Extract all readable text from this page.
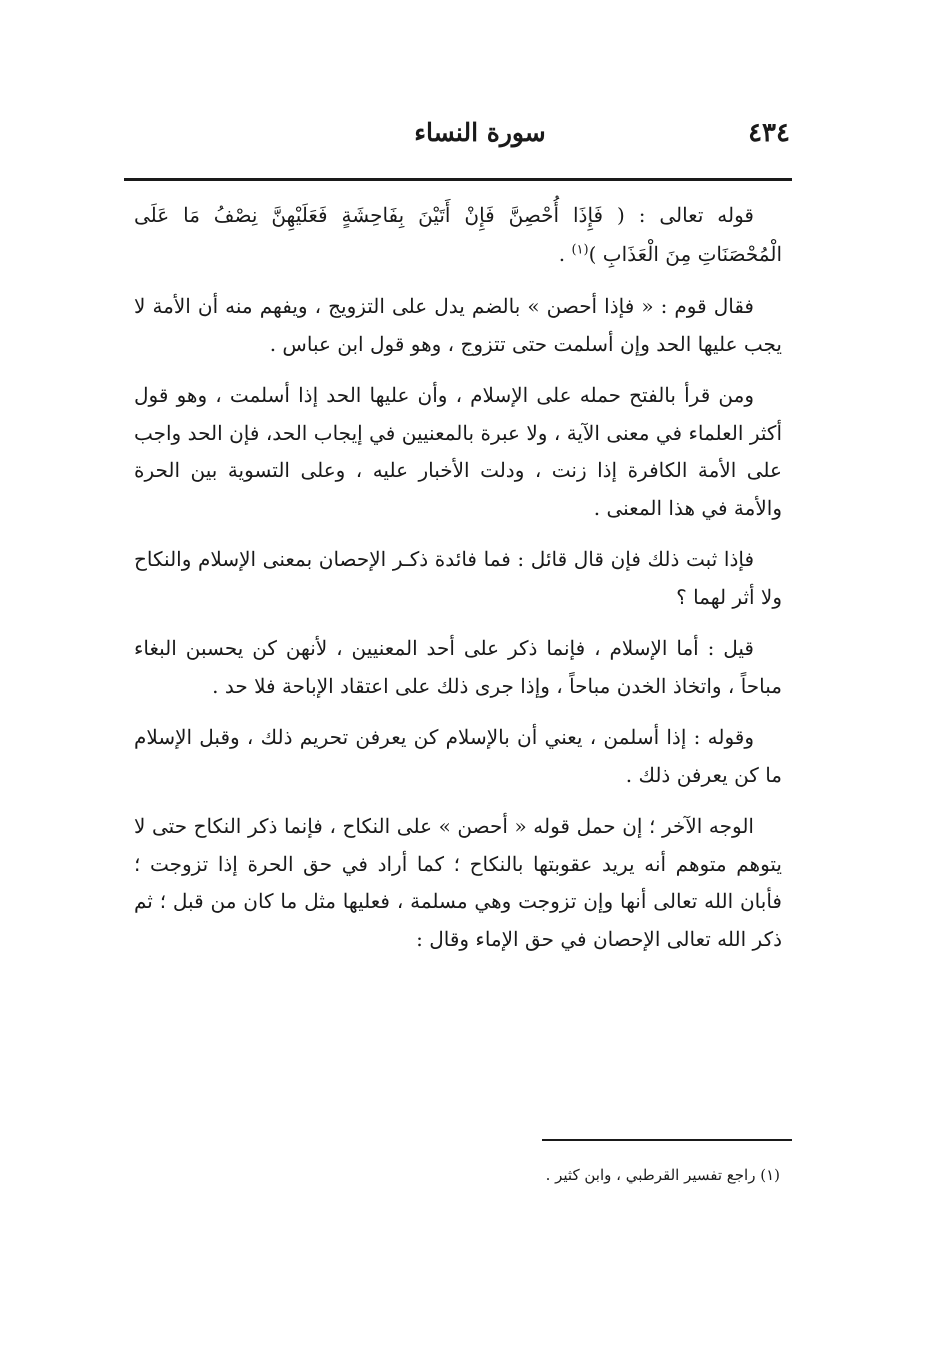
سورة النساء	٤٣٤

قوله تعالى : ( فَإِذَا أُحْصِنَّ فَإِنْ أَتَيْنَ بِفَاحِشَةٍ فَعَلَيْهِنَّ نِصْفُ مَا عَلَى الْمُحْصَنَاتِ مِنَ الْعَذَابِ )$^{(١)}$ .

فقال قوم : « فإذا أحصن » بالضم يدل على التزويج ، ويفهم منه أن الأمة لا يجب عليها الحد وإن أسلمت حتى تتزوج ، وهو قول ابن عباس .

ومن قرأ بالفتح حمله على الإسلام ، وأن عليها الحد إذا أسلمت ، وهو قول أكثر العلماء في معنى الآية ، ولا عبرة بالمعنيين في إيجاب الحد، فإن الحد واجب على الأمة الكافرة إذا زنت ، ودلت الأخبار عليه ، وعلى التسوية بين الحرة والأمة في هذا المعنى .

فإذا ثبت ذلك فإن قال قائل : فما فائدة ذكـر الإحصان بمعنى الإسلام والنكاح ولا أثر لهما ؟

قيل : أما الإسلام ، فإنما ذكر على أحد المعنيين ، لأنهن كن يحسبن البغاء مباحاً ، واتخاذ الخدن مباحاً ، وإذا جرى ذلك على اعتقاد الإباحة فلا حد .

وقوله : إذا أسلمن ، يعني أن بالإسلام كن يعرفن تحريم ذلك ، وقبل الإسلام ما كن يعرفن ذلك .

الوجه الآخر ؛ إن حمل قوله « أحصن » على النكاح ، فإنما ذكر النكاح حتى لا يتوهم متوهم أنه يريد عقوبتها بالنكاح ؛ كما أراد في حق الحرة إذا تزوجت ؛ فأبان الله تعالى أنها وإن تزوجت وهي مسلمة ، فعليها مثل ما كان من قبل ؛ ثم ذكر الله تعالى الإحصان في حق الإماء وقال :

(١) راجع تفسير القرطبي ، وابن كثير .
